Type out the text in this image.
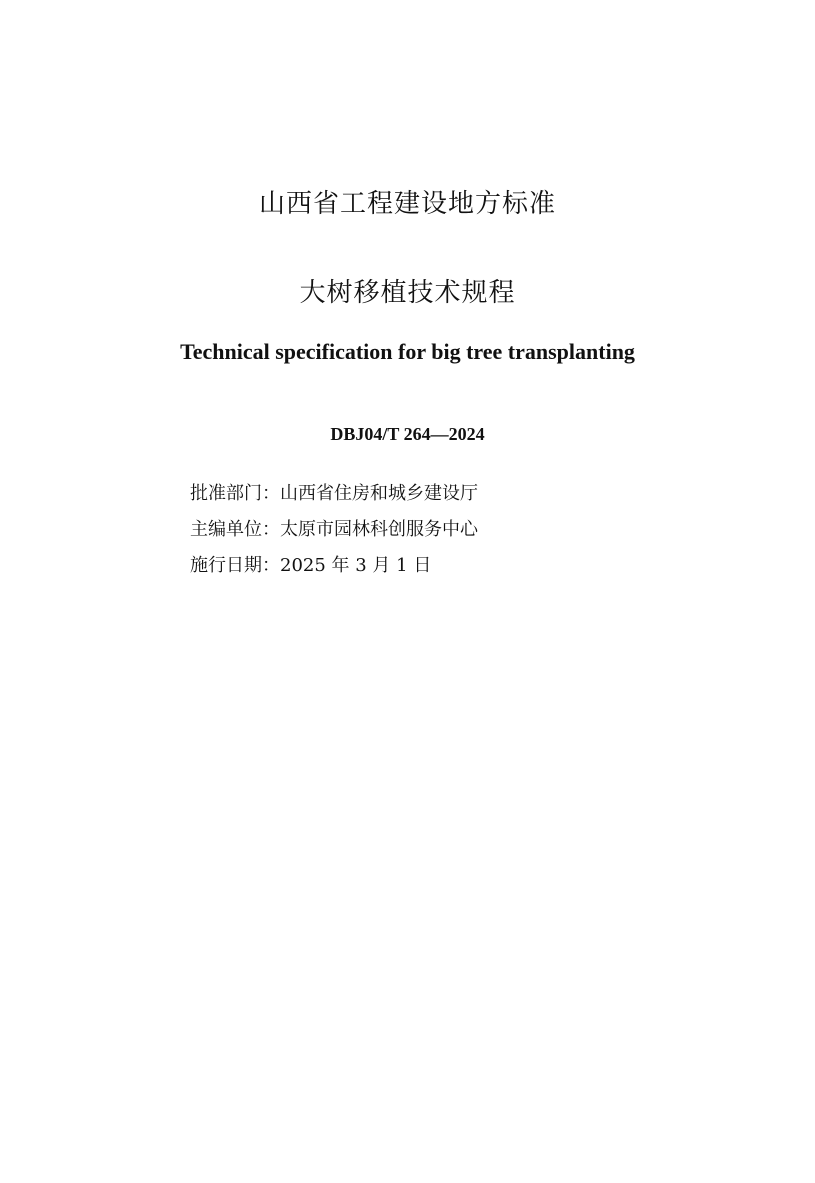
山西省工程建设地方标准
大树移植技术规程
Technical specification for big tree transplanting
DBJ04/T 264—2024
批准部门：山西省住房和城乡建设厅
主编单位：太原市园林科创服务中心
施行日期：2025 年 3 月 1 日
